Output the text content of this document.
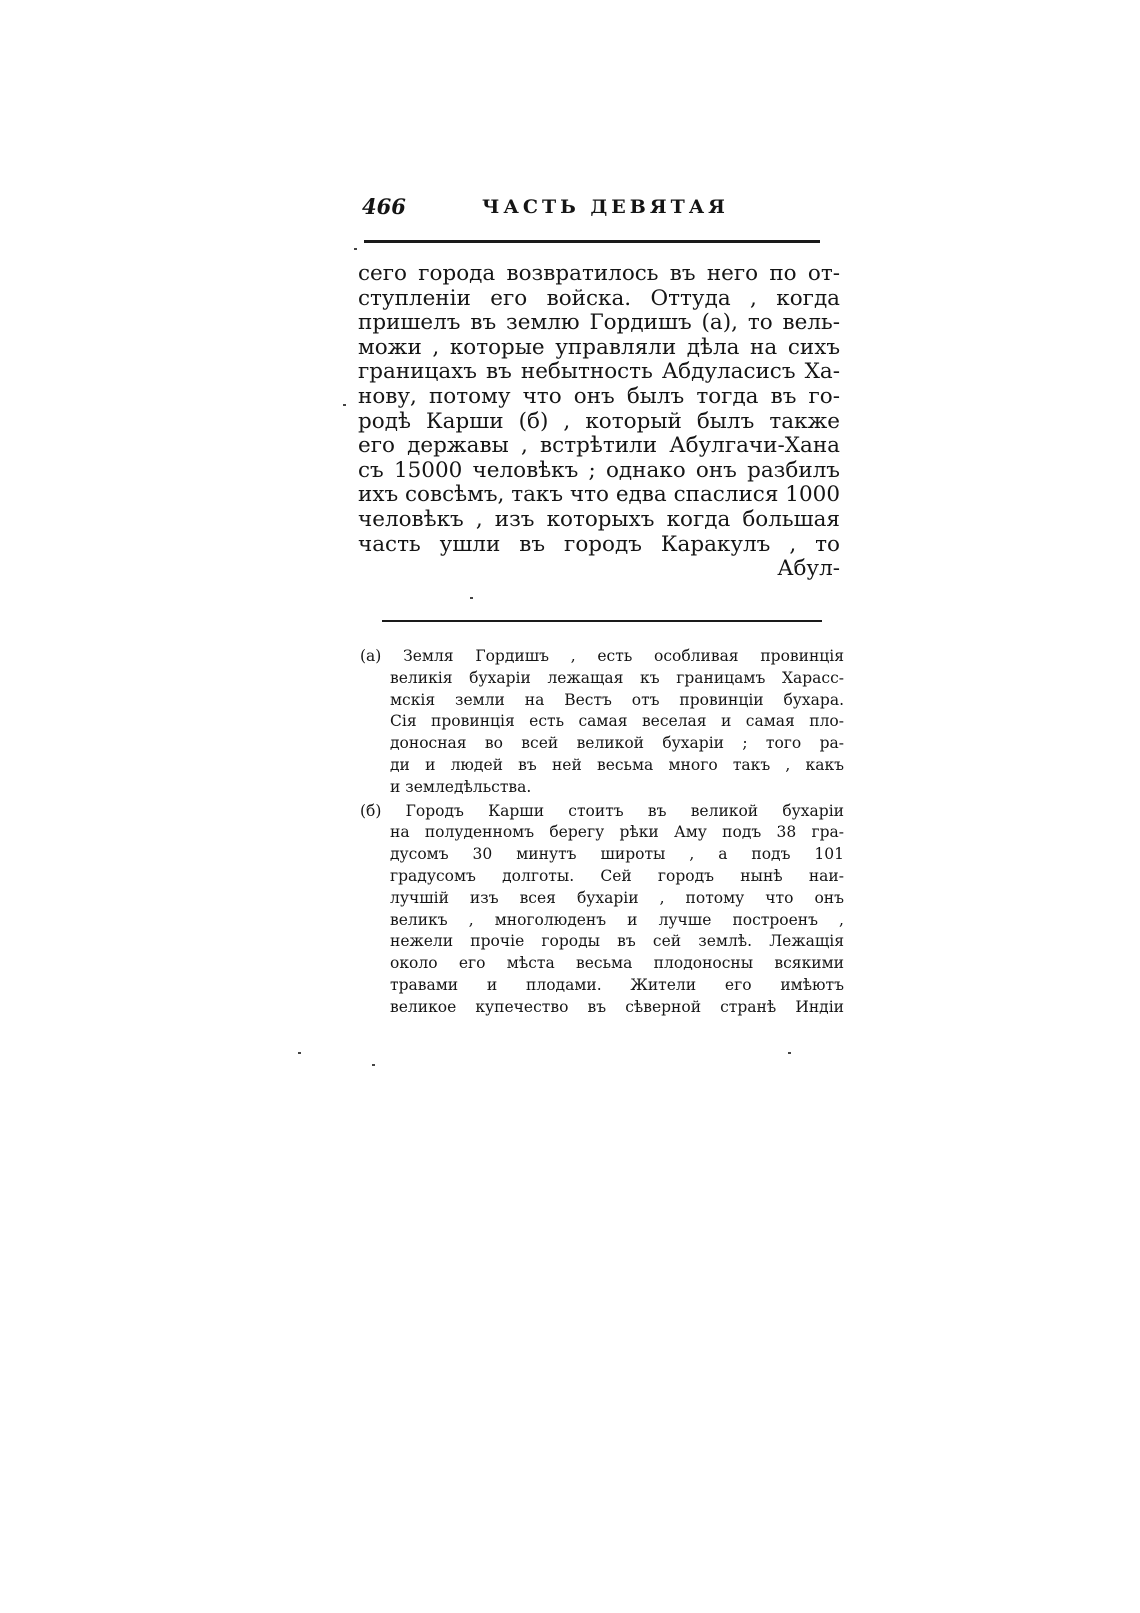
466	ЧАСТЬ ДЕВЯТАЯ
сего города возвратилось въ него по от-
ступленіи его войска. Оттуда , когда
пришелъ въ землю Гордишъ (а), то вель-
можи , которые управляли дѣла на сихъ
границахъ въ небытность Абдуласисъ Ха-
нову, потому что онъ былъ тогда въ го-
родѣ Карши (б) , который былъ также
его державы , встрѣтили Абулгачи-Хана
съ 15000 человѣкъ ; однако онъ разбилъ
ихъ совсѣмъ, такъ что едва спаслися 1000
человѣкъ , изъ которыхъ когда большая
часть ушли въ городъ Каракулъ , то
Абул-
(а) Земля Гордишъ , есть особливая провинція
великія бухаріи лежащая къ границамъ Харасс-
мскія земли на Вестъ отъ провинціи бухара.
Сія провинція есть самая веселая и самая пло-
доносная во всей великой бухаріи ; того ра-
ди и людей въ ней весьма много такъ , какъ
и земледѣльства.
(б) Городъ Карши стоитъ въ великой бухаріи
на полуденномъ берегу рѣки Аму подъ 38 гра-
дусомъ 30 минутъ широты , а подъ 101
градусомъ долготы. Сей городъ нынѣ наи-
лучшій изъ всея бухаріи , потому что онъ
великъ , многолюденъ и лучше построенъ ,
нежели прочіе городы въ сей землѣ. Лежащія
около его мѣста весьма плодоносны всякими
травами и плодами. Жители его имѣютъ
великое купечество въ сѣверной странѣ Индіи
